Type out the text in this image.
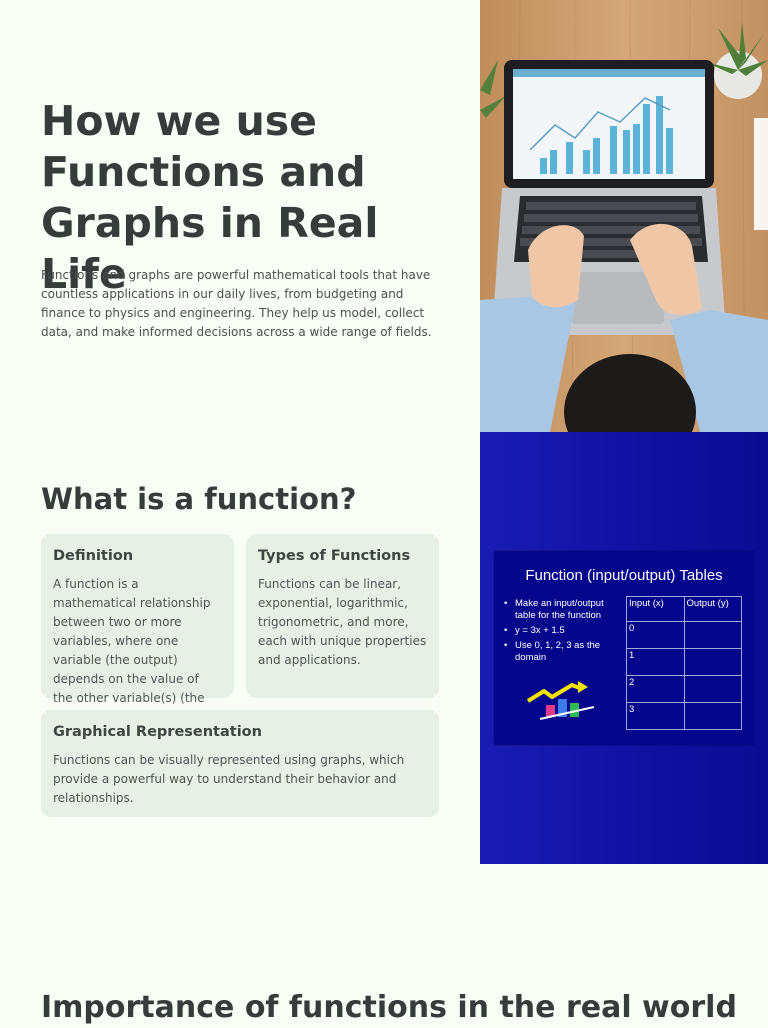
How we use Functions and Graphs in Real Life

Functions and graphs are powerful mathematical tools that have countless applications in our daily lives, from budgeting and finance to physics and engineering. They help us model, collect data, and make informed decisions across a wide range of fields.

Function (input/output) Tables

• Make an input/output table for the function
• y = 3x + 1.5
• Use 0, 1, 2, 3 as the domain
Input (x)	Output (y)
0	
1	
2	
3	
What is a function?
Definition

A function is a mathematical relationship between two or more variables, where one variable (the output) depends on the value of the other variable(s) (the

Types of Functions

Functions can be linear, exponential, logarithmic, trigonometric, and more, each with unique properties and applications.

Graphical Representation

Functions can be visually represented using graphs, which provide a powerful way to understand their behavior and relationships.

Importance of functions in the real world
